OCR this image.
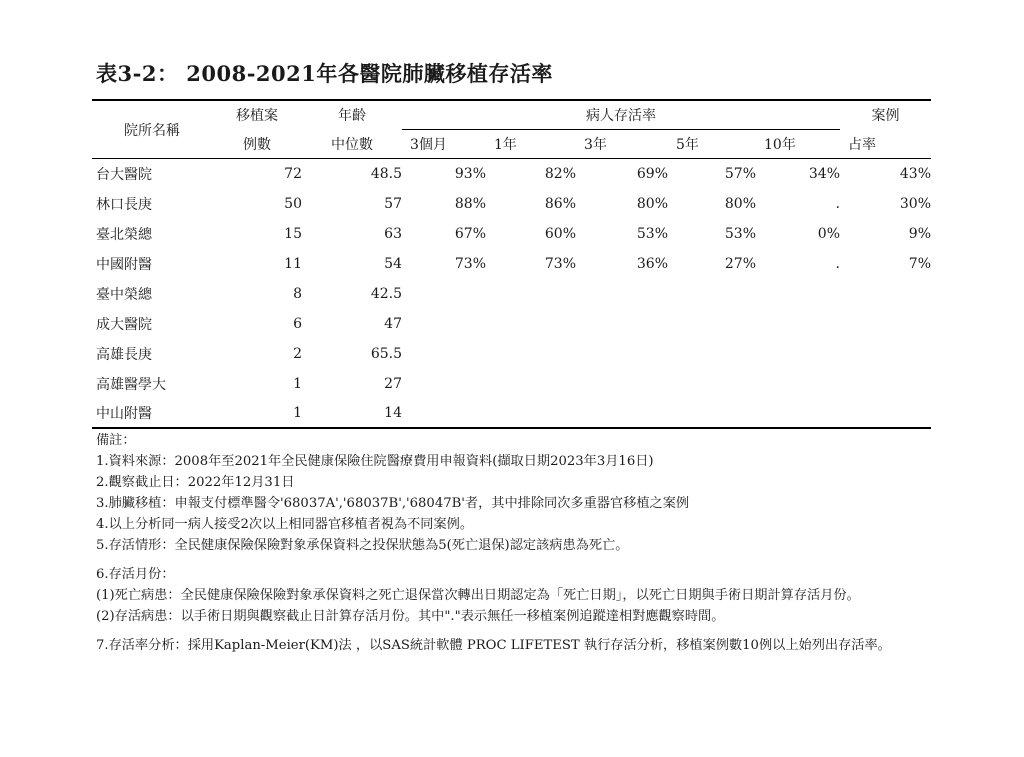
表3-2： 2008-2021年各醫院肺臟移植存活率
院所名稱	移植案	年齡	病人存活率					案例
	例數	中位數	3個月	1年	3年	5年	10年	占率
台大醫院	72	48.5	93%	82%	69%	57%	34%	43%
林口長庚	50	57	88%	86%	80%	80%	.	30%
臺北榮總	15	63	67%	60%	53%	53%	0%	9%
中國附醫	11	54	73%	73%	36%	27%	.	7%
臺中榮總	8	42.5						
成大醫院	6	47						
高雄長庚	2	65.5						
高雄醫學大	1	27						
中山附醫	1	14						

備註：

1.資料來源：2008年至2021年全民健康保險住院醫療費用申報資料(擷取日期2023年3月16日)

2.觀察截止日：2022年12月31日

3.肺臟移植：申報支付標準醫令'68037A','68037B','68047B'者，其中排除同次多重器官移植之案例

4.以上分析同一病人接受2次以上相同器官移植者視為不同案例。

5.存活情形：全民健康保險保險對象承保資料之投保狀態為5(死亡退保)認定該病患為死亡。

6.存活月份：

(1)死亡病患：全民健康保險保險對象承保資料之死亡退保當次轉出日期認定為「死亡日期」，以死亡日期與手術日期計算存活月份。

(2)存活病患：以手術日期與觀察截止日計算存活月份。其中"."表示無任一移植案例追蹤達相對應觀察時間。

7.存活率分析：採用Kaplan-Meier(KM)法 ，以SAS統計軟體 PROC LIFETEST 執行存活分析，移植案例數10例以上始列出存活率。
